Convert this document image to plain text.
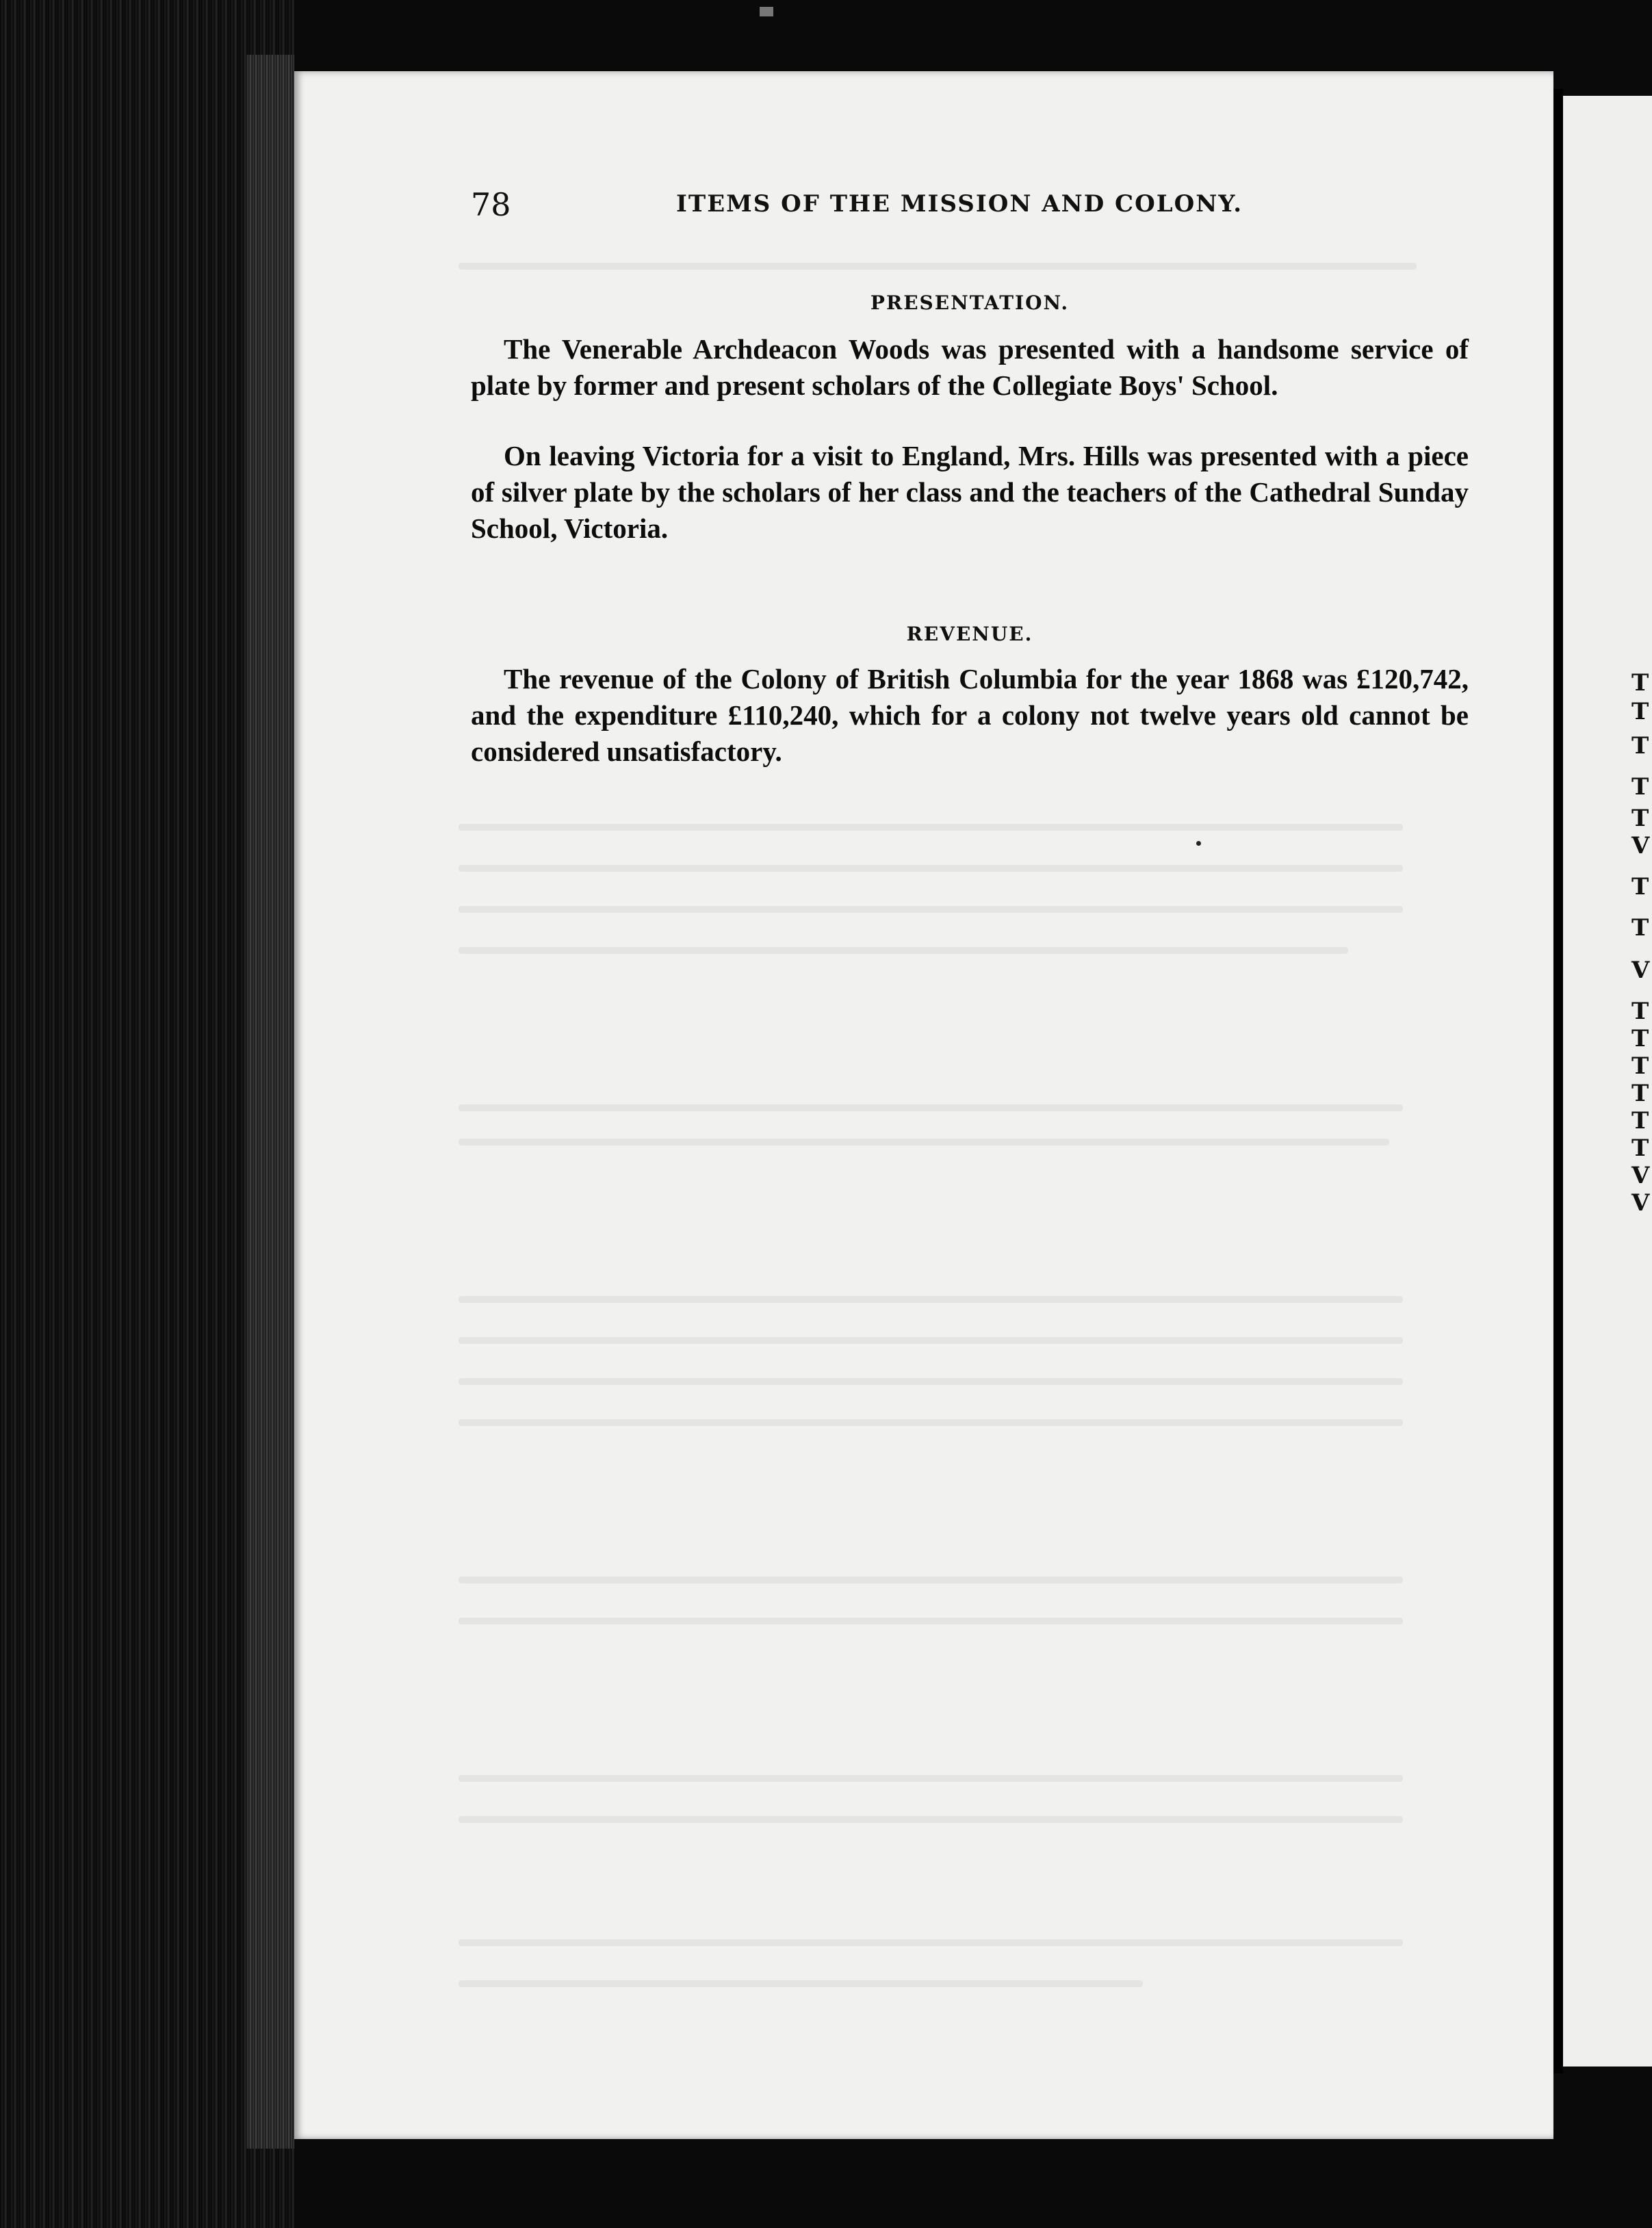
78	ITEMS OF THE MISSION AND COLONY.
PRESENTATION.
The Venerable Archdeacon Woods was presented with a handsome service of plate by former and present scholars of the Collegiate Boys' School.
On leaving Victoria for a visit to England, Mrs. Hills was presented with a piece of silver plate by the scholars of her class and the teachers of the Cathedral Sunday School, Victoria.
REVENUE.
The revenue of the Colony of British Columbia for the year 1868 was £120,742, and the expenditure £110,240, which for a colony not twelve years old cannot be considered unsatisfactory.
T
T
T
T
T
V
T
T
V
T
T
T
T
T
T
V
V
